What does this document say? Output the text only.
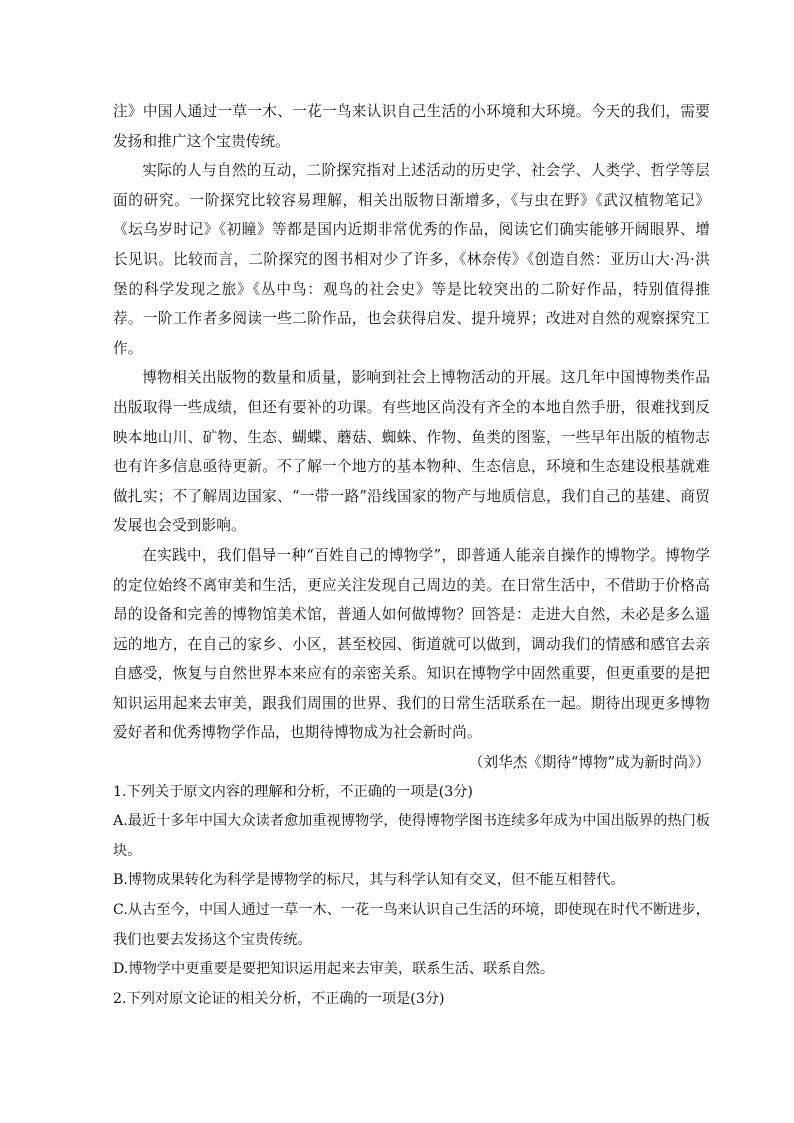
注》中国人通过一草一木、一花一鸟来认识自己生活的小环境和大环境。今天的我们，需要发扬和推广这个宝贵传统。

实际的人与自然的互动，二阶探究指对上述活动的历史学、社会学、人类学、哲学等层面的研究。一阶探究比较容易理解，相关出版物日渐增多，《与虫在野》《武汉植物笔记》《坛乌岁时记》《初瞳》等都是国内近期非常优秀的作品，阅读它们确实能够开阔眼界、增长见识。比较而言，二阶探究的图书相对少了许多，《林奈传》《创造自然：亚历山大·冯·洪堡的科学发现之旅》《丛中鸟：观鸟的社会史》等是比较突出的二阶好作品，特别值得推荐。一阶工作者多阅读一些二阶作品，也会获得启发、提升境界；改进对自然的观察探究工作。

博物相关出版物的数量和质量，影响到社会上博物活动的开展。这几年中国博物类作品出版取得一些成绩，但还有要补的功课。有些地区尚没有齐全的本地自然手册，很难找到反映本地山川、矿物、生态、蝴蝶、蘑菇、蜘蛛、作物、鱼类的图鉴，一些早年出版的植物志也有许多信息亟待更新。不了解一个地方的基本物种、生态信息，环境和生态建设根基就难做扎实；不了解周边国家、“一带一路”沿线国家的物产与地质信息，我们自己的基建、商贸发展也会受到影响。

在实践中，我们倡导一种“百姓自己的博物学”，即普通人能亲自操作的博物学。博物学的定位始终不离审美和生活，更应关注发现自己周边的美。在日常生活中，不借助于价格高昂的设备和完善的博物馆美术馆，普通人如何做博物？回答是：走进大自然，未必是多么遥远的地方，在自己的家乡、小区，甚至校园、街道就可以做到，调动我们的情感和感官去亲自感受，恢复与自然世界本来应有的亲密关系。知识在博物学中固然重要，但更重要的是把知识运用起来去审美，跟我们周围的世界、我们的日常生活联系在一起。期待出现更多博物爱好者和优秀博物学作品，也期待博物成为社会新时尚。

（刘华杰《期待“博物”成为新时尚》）

1.下列关于原文内容的理解和分析，不正确的一项是(3分)

A.最近十多年中国大众读者愈加重视博物学，使得博物学图书连续多年成为中国出版界的热门板块。

B.博物成果转化为科学是博物学的标尺，其与科学认知有交叉，但不能互相替代。

C.从古至今，中国人通过一草一木、一花一鸟来认识自己生活的环境，即使现在时代不断进步，我们也要去发扬这个宝贵传统。

D.博物学中更重要是要把知识运用起来去审美，联系生活、联系自然。

2.下列对原文论证的相关分析，不正确的一项是(3分)
